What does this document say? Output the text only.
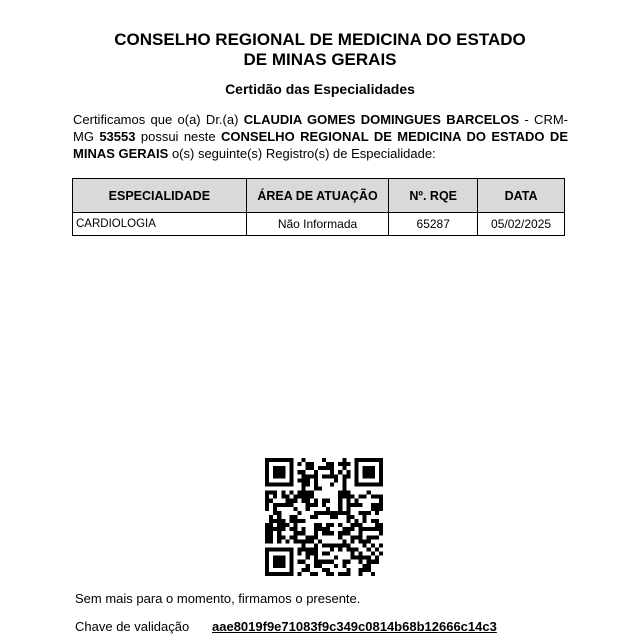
CONSELHO REGIONAL DE MEDICINA DO ESTADO
DE MINAS GERAIS
Certidão das Especialidades
Certificamos que o(a) Dr.(a) CLAUDIA GOMES DOMINGUES BARCELOS - CRM-MG 53553 possui neste CONSELHO REGIONAL DE MEDICINA DO ESTADO DE MINAS GERAIS o(s) seguinte(s) Registro(s) de Especialidade:
ESPECIALIDADE	ÁREA DE ATUAÇÃO	Nº. RQE	DATA
CARDIOLOGIA	Não Informada	65287	05/02/2025
Sem mais para o momento, firmamos o presente.
Chave de validação aae8019f9e71083f9c349c0814b68b12666c14c3
